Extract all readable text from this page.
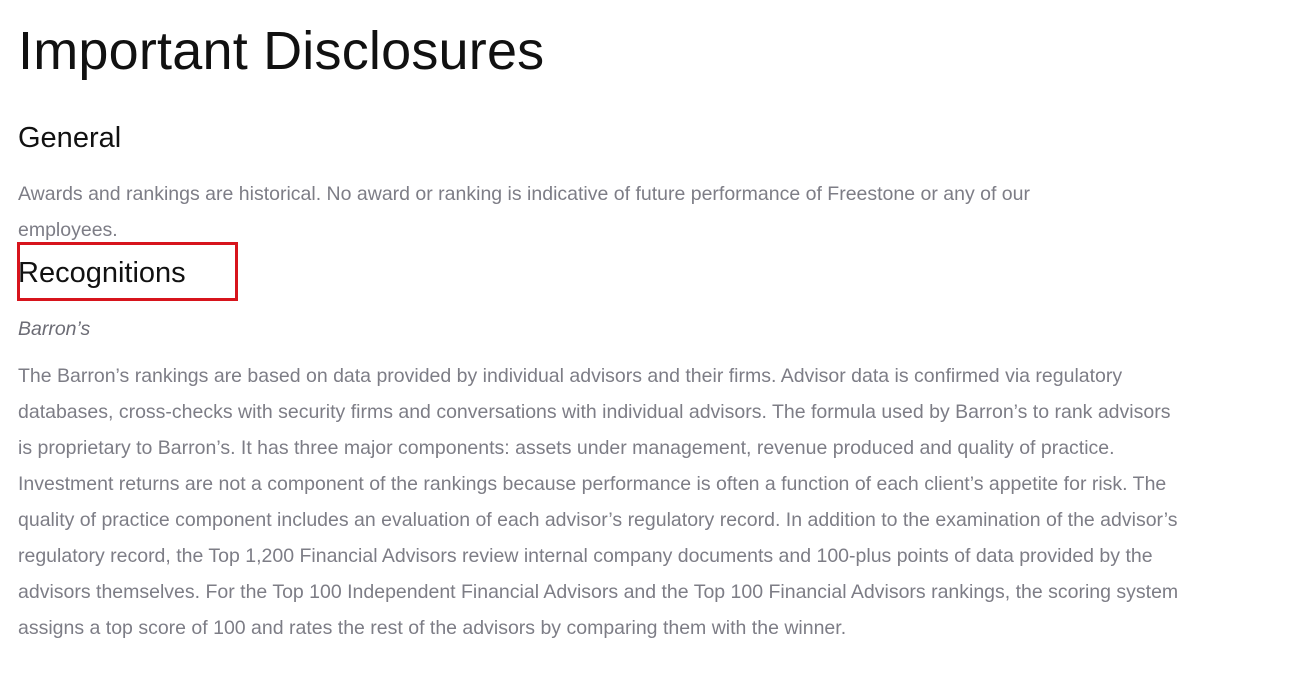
Important Disclosures
General

Awards and rankings are historical. No award or ranking is indicative of future performance of Freestone or any of our employees.

Recognitions

Barron’s

The Barron’s rankings are based on data provided by individual advisors and their firms. Advisor data is confirmed via regulatory databases, cross-checks with security firms and conversations with individual advisors. The formula used by Barron’s to rank advisors is proprietary to Barron’s. It has three major components: assets under management, revenue produced and quality of practice. Investment returns are not a component of the rankings because performance is often a function of each client’s appetite for risk. The quality of practice component includes an evaluation of each advisor’s regulatory record. In addition to the examination of the advisor’s regulatory record, the Top 1,200 Financial Advisors review internal company documents and 100-plus points of data provided by the advisors themselves. For the Top 100 Independent Financial Advisors and the Top 100 Financial Advisors rankings, the scoring system assigns a top score of 100 and rates the rest of the advisors by comparing them with the winner.
